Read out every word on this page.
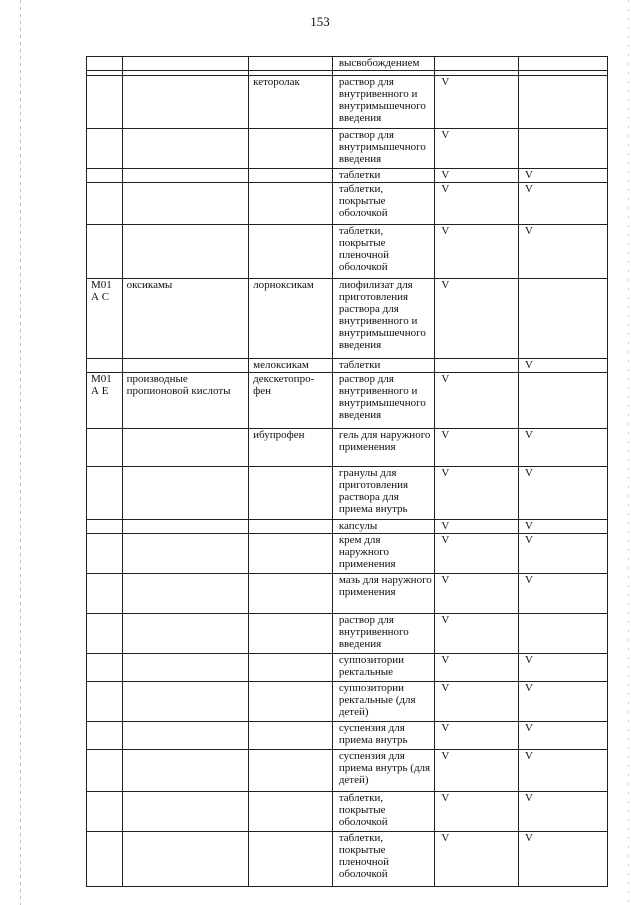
153
			высвобождением		

		кеторолак	раствор для внутривенного и внутримышечного введения	V	
			раствор для внутримышечного введения	V	
			таблетки	V	V
			таблетки, покрытые оболочкой	V	V
			таблетки, покрытые пленочной оболочкой	V	V
М01А С	оксикамы	лорноксикам	лиофилизат для приготовления раствора для внутривенного и внутримышечного введения	V	
		мелоксикам	таблетки		V
М01А Е	производные пропионовой кислоты	декскетопро-фен	раствор для внутривенного и внутримышечного введения	V	
		ибупрофен	гель для наружного применения	V	V
			гранулы для приготовления раствора для приема внутрь	V	V
			капсулы	V	V
			крем для наружного применения	V	V
			мазь для наружного применения	V	V
			раствор для внутривенного введения	V	
			суппозитории ректальные	V	V
			суппозитории ректальные (для детей)	V	V
			суспензия для приема внутрь	V	V
			суспензия для приема внутрь (для детей)	V	V
			таблетки, покрытые оболочкой	V	V
			таблетки, покрытые пленочной оболочкой	V	V
